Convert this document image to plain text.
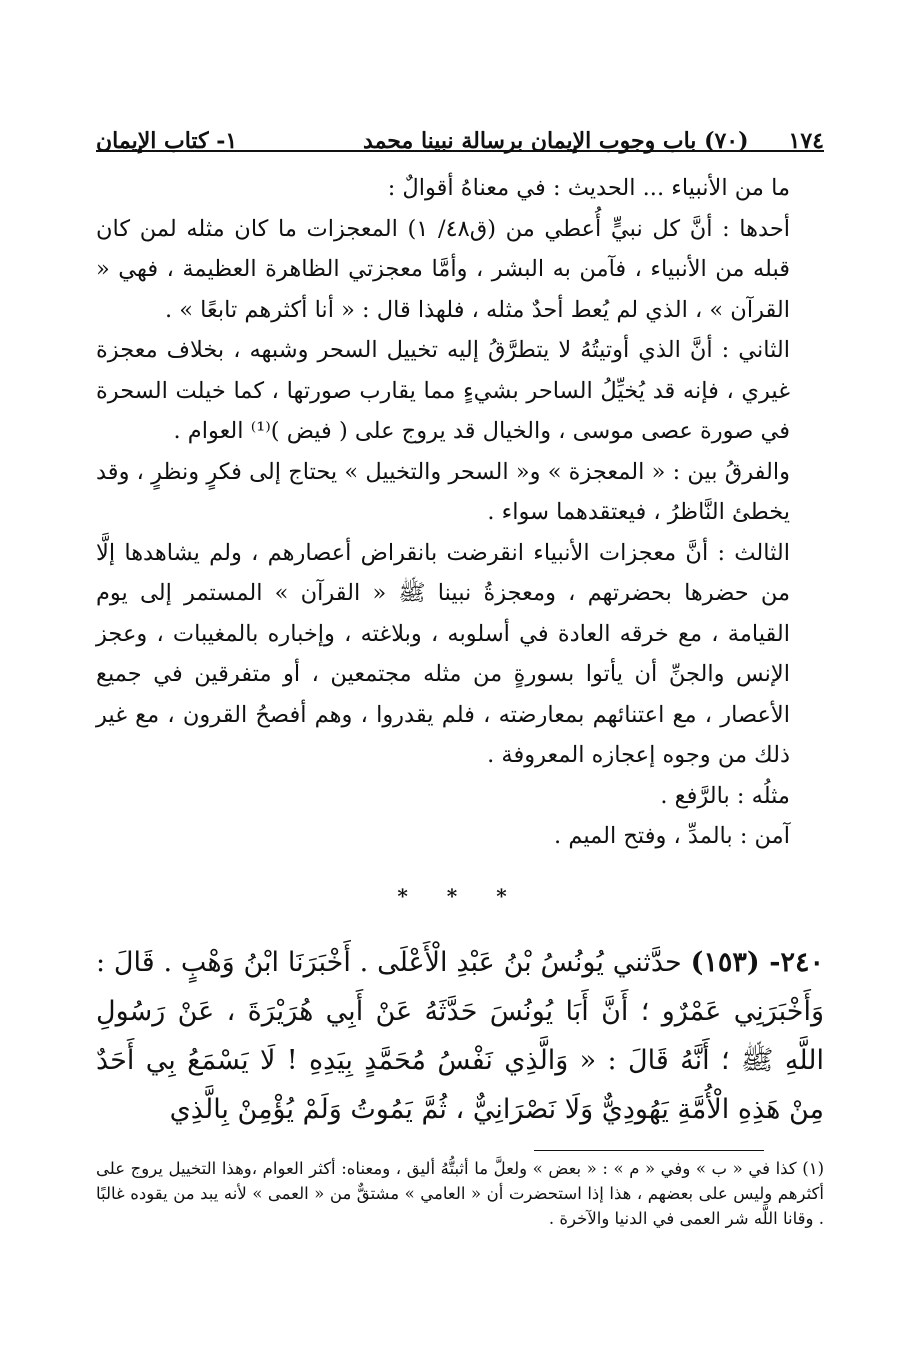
١٧٤
(٧٠) باب وجوب الإيمان برسالة نبينا محمد
١- كتاب الإيمان

ما من الأنبياء ... الحديث : في معناهُ أقوالٌ :

أحدها : أنَّ كل نبيٍّ أُعطي من (ق٤٨/ ١) المعجزات ما كان مثله لمن كان قبله من الأنبياء ، فآمن به البشر ، وأمَّا معجزتي الظاهرة العظيمة ، فهي « القرآن » ، الذي لم يُعط أحدٌ مثله ، فلهذا قال : « أنا أكثرهم تابعًا » .

الثاني : أنَّ الذي أوتيتُهُ لا يتطرَّقُ إليه تخييل السحر وشبهه ، بخلاف معجزة غيري ، فإنه قد يُخيِّلُ الساحر بشيءٍ مما يقارب صورتها ، كما خيلت السحرة في صورة عصى موسى ، والخيال قد يروج على ( فيض )⁽¹⁾ العوام .

والفرقُ بين : « المعجزة » و« السحر والتخييل » يحتاج إلى فكرٍ ونظرٍ ، وقد يخطئ النَّاظرُ ، فيعتقدهما سواء .

الثالث : أنَّ معجزات الأنبياء انقرضت بانقراض أعصارهم ، ولم يشاهدها إلَّا من حضرها بحضرتهم ، ومعجزةُ نبينا ﷺ « القرآن » المستمر إلى يوم القيامة ، مع خرقه العادة في أسلوبه ، وبلاغته ، وإخباره بالمغيبات ، وعجز الإنس والجنِّ أن يأتوا بسورةٍ من مثله مجتمعين ، أو متفرقين في جميع الأعصار ، مع اعتنائهم بمعارضته ، فلم يقدروا ، وهم أفصحُ القرون ، مع غير ذلك من وجوه إعجازه المعروفة .

مثلُه : بالرَّفع .

آمن : بالمدِّ ، وفتح الميم .

* * *

٢٤٠- (١٥٣) حدَّثني يُونُسُ بْنُ عَبْدِ الْأَعْلَى . أَخْبَرَنَا ابْنُ وَهْبٍ . قَالَ : وَأَخْبَرَنِي عَمْرٌو ؛ أَنَّ أَبَا يُونُسَ حَدَّثَهُ عَنْ أَبِي هُرَيْرَةَ ، عَنْ رَسُولِ اللَّهِ ﷺ ؛ أَنَّهُ قَالَ : « وَالَّذِي نَفْسُ مُحَمَّدٍ بِيَدِهِ ! لَا يَسْمَعُ بِي أَحَدٌ مِنْ هَذِهِ الْأُمَّةِ يَهُودِيٌّ وَلَا نَصْرَانِيٌّ ، ثُمَّ يَمُوتُ وَلَمْ يُؤْمِنْ بِالَّذِي

(١) كذا في « ب » وفي « م » : « بعض » ولعلَّ ما أثبتُّهُ أليق ، ومعناه: أكثر العوام ،وهذا التخييل يروج على أكثرهم وليس على بعضهم ، هذا إذا استحضرت أن « العامي » مشتقٌّ من « العمى » لأنه يبد من يقوده غالبًا . وقانا اللَّه شر العمى في الدنيا والآخرة .
